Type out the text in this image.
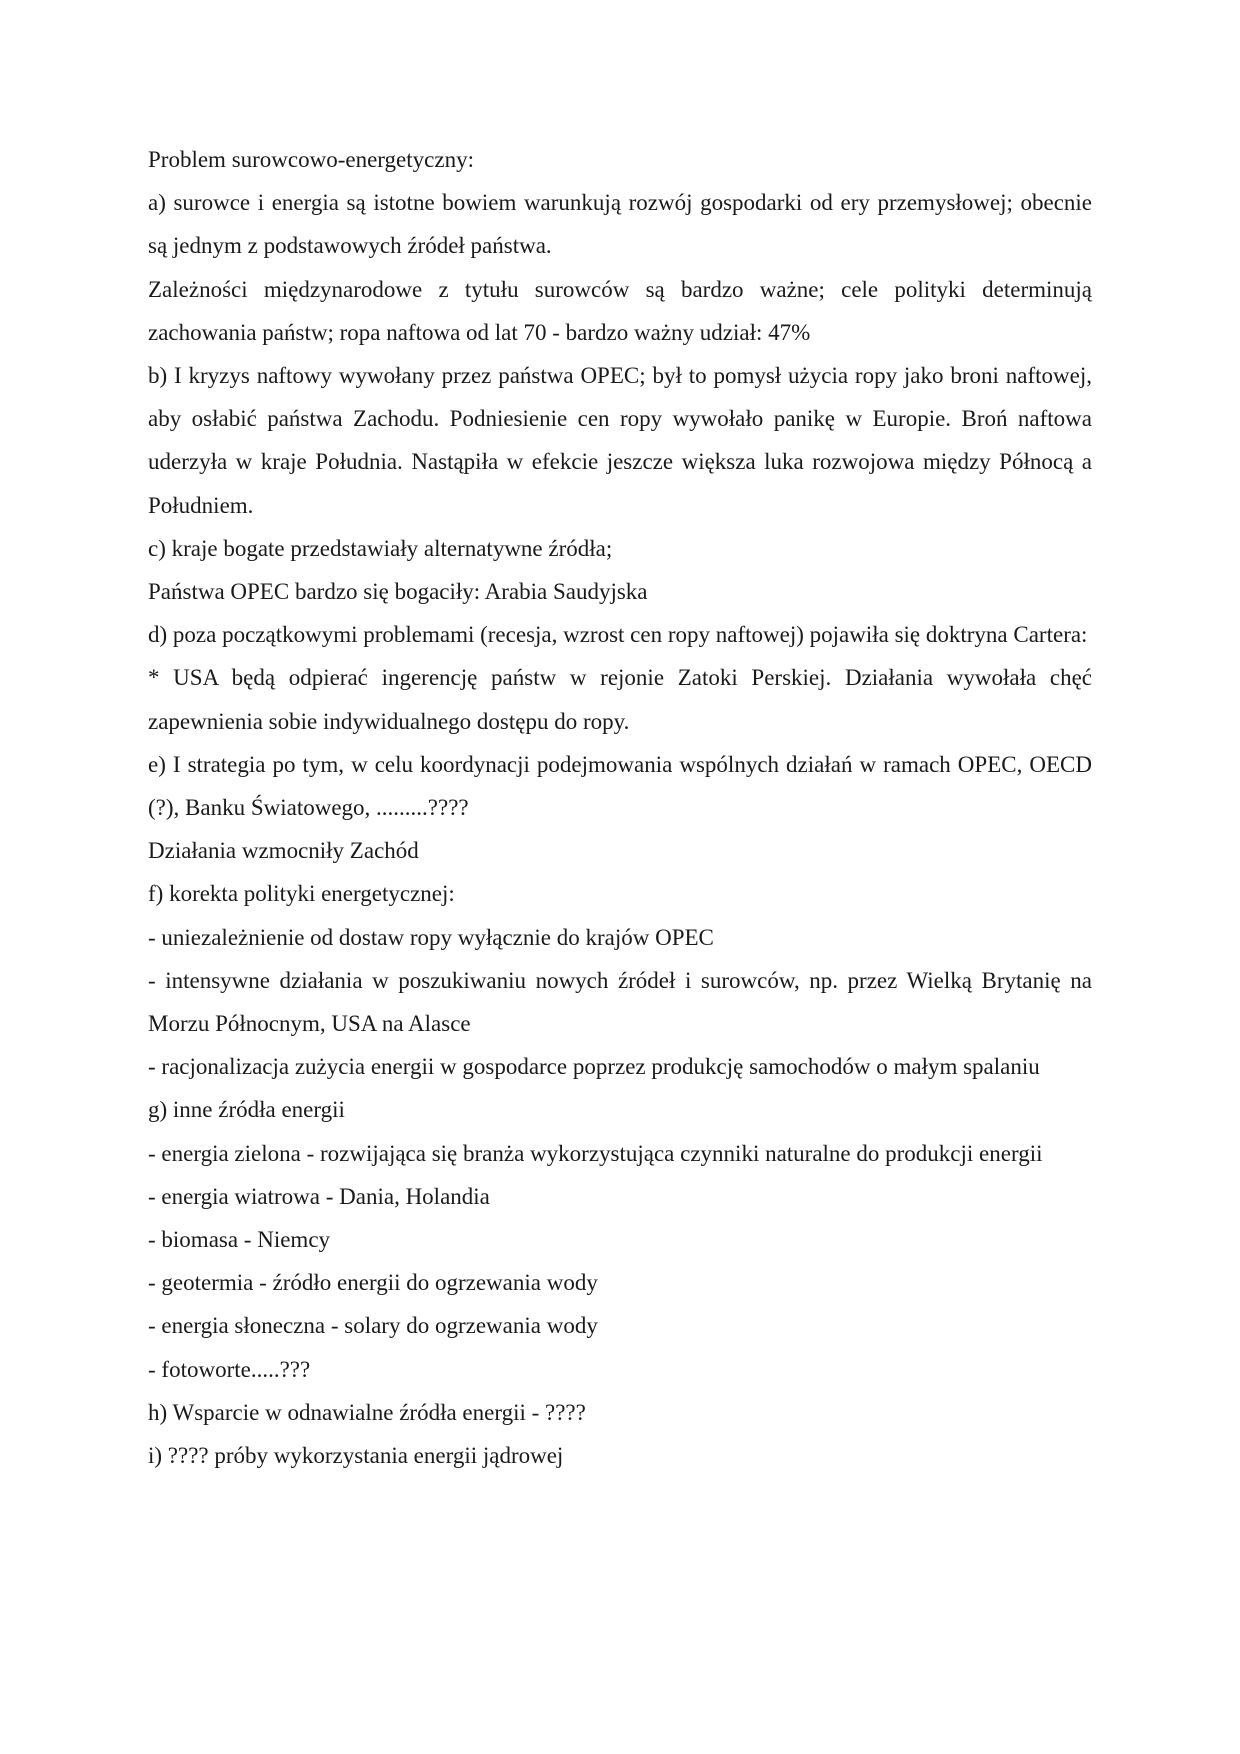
Problem surowcowo-energetyczny:

a) surowce i energia są istotne bowiem warunkują rozwój gospodarki od ery przemysłowej; obecnie są jednym z podstawowych źródeł państwa.

Zależności międzynarodowe z tytułu surowców są bardzo ważne; cele polityki determinują zachowania państw; ropa naftowa od lat 70 - bardzo ważny udział: 47%

b) I kryzys naftowy wywołany przez państwa OPEC; był to pomysł użycia ropy jako broni naftowej, aby osłabić państwa Zachodu. Podniesienie cen ropy wywołało panikę w Europie. Broń naftowa uderzyła w kraje Południa. Nastąpiła w efekcie jeszcze większa luka rozwojowa między Północą a Południem.

c) kraje bogate przedstawiały alternatywne źródła;

Państwa OPEC bardzo się bogaciły: Arabia Saudyjska

d) poza początkowymi problemami (recesja, wzrost cen ropy naftowej) pojawiła się doktryna Cartera:

* USA będą odpierać ingerencję państw w rejonie Zatoki Perskiej. Działania wywołała chęć zapewnienia sobie indywidualnego dostępu do ropy.

e) I strategia po tym, w celu koordynacji podejmowania wspólnych działań w ramach OPEC, OECD (?), Banku Światowego, .........????

Działania wzmocniły Zachód

f) korekta polityki energetycznej:

- uniezależnienie od dostaw ropy wyłącznie do krajów OPEC

- intensywne działania w poszukiwaniu nowych źródeł i surowców, np. przez Wielką Brytanię na Morzu Północnym, USA na Alasce

- racjonalizacja zużycia energii w gospodarce poprzez produkcję samochodów o małym spalaniu

g) inne źródła energii

- energia zielona - rozwijająca się branża wykorzystująca czynniki naturalne do produkcji energii

- energia wiatrowa - Dania, Holandia

- biomasa - Niemcy

- geotermia - źródło energii do ogrzewania wody

- energia słoneczna - solary do ogrzewania wody

- fotoworte.....???

h) Wsparcie w odnawialne źródła energii - ????

i) ???? próby wykorzystania energii jądrowej
